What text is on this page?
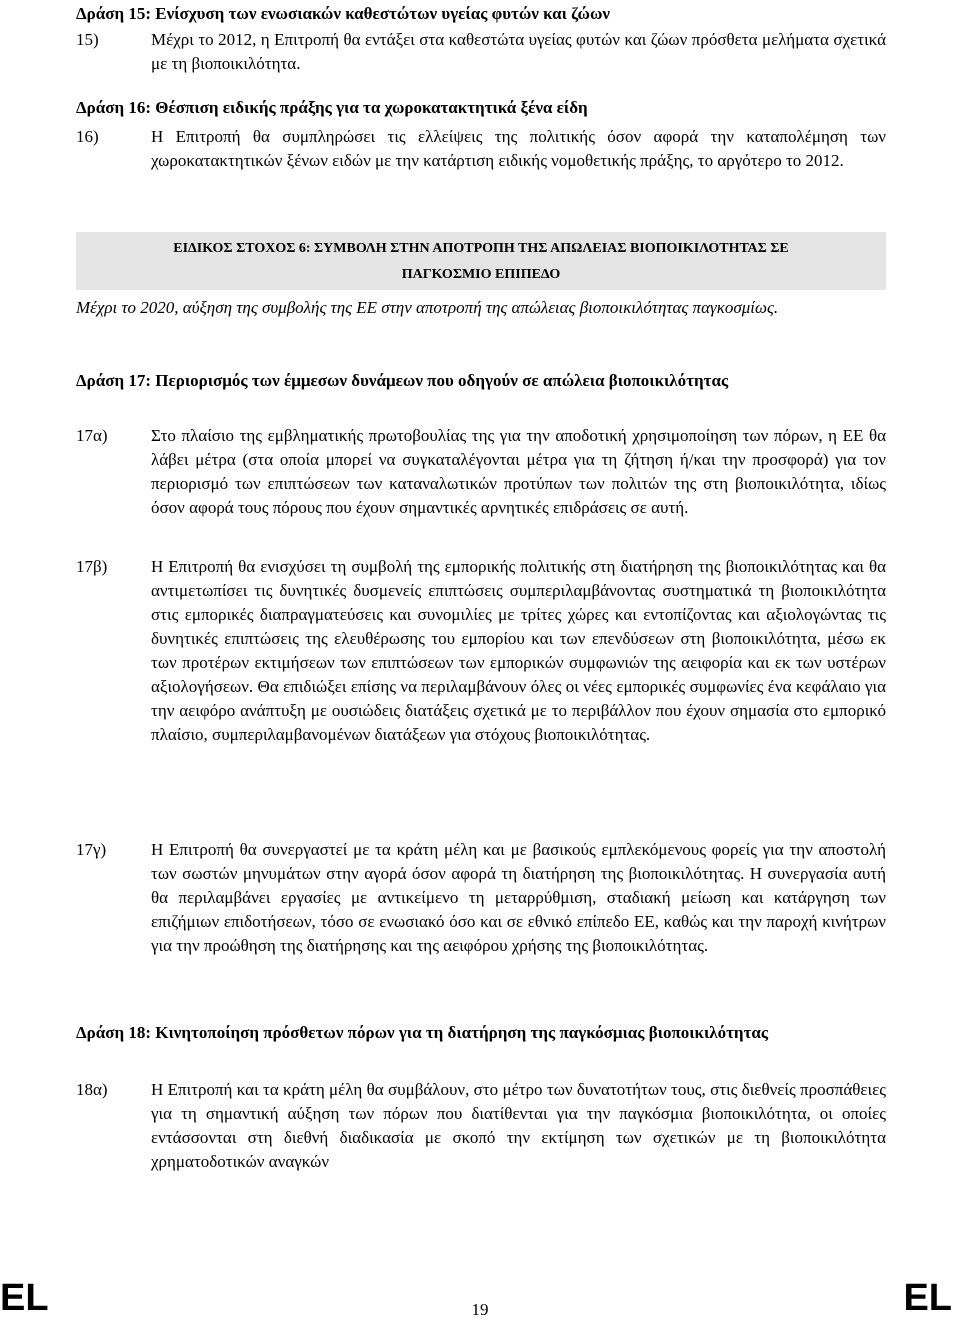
Δράση 15: Ενίσχυση των ενωσιακών καθεστώτων υγείας φυτών και ζώων

15)	Μέχρι το 2012, η Επιτροπή θα εντάξει στα καθεστώτα υγείας φυτών και ζώων πρόσθετα μελήματα σχετικά με τη βιοποικιλότητα.

Δράση 16: Θέσπιση ειδικής πράξης για τα χωροκατακτητικά ξένα είδη

16)	Η Επιτροπή θα συμπληρώσει τις ελλείψεις της πολιτικής όσον αφορά την καταπολέμηση των χωροκατακτητικών ξένων ειδών με την κατάρτιση ειδικής νομοθετικής πράξης, το αργότερο το 2012.
ΕΙΔΙΚΟΣ ΣΤΟΧΟΣ 6: ΣΥΜΒΟΛΗ ΣΤΗΝ ΑΠΟΤΡΟΠΗ ΤΗΣ ΑΠΩΛΕΙΑΣ ΒΙΟΠΟΙΚΙΛΟΤΗΤΑΣ ΣΕ
ΠΑΓΚΟΣΜΙΟ ΕΠΙΠΕΔΟ

Μέχρι το 2020, αύξηση της συμβολής της ΕΕ στην αποτροπή της απώλειας βιοποικιλότητας παγκοσμίως.

Δράση 17: Περιορισμός των έμμεσων δυνάμεων που οδηγούν σε απώλεια βιοποικιλότητας

17α)	Στο πλαίσιο της εμβληματικής πρωτοβουλίας της για την αποδοτική χρησιμοποίηση των πόρων, η ΕΕ θα λάβει μέτρα (στα οποία μπορεί να συγκαταλέγονται μέτρα για τη ζήτηση ή/και την προσφορά) για τον περιορισμό των επιπτώσεων των καταναλωτικών προτύπων των πολιτών της στη βιοποικιλότητα, ιδίως όσον αφορά τους πόρους που έχουν σημαντικές αρνητικές επιδράσεις σε αυτή.
17β)	Η Επιτροπή θα ενισχύσει τη συμβολή της εμπορικής πολιτικής στη διατήρηση της βιοποικιλότητας και θα αντιμετωπίσει τις δυνητικές δυσμενείς επιπτώσεις συμπεριλαμβάνοντας συστηματικά τη βιοποικιλότητα στις εμπορικές διαπραγματεύσεις και συνομιλίες με τρίτες χώρες και εντοπίζοντας και αξιολογώντας τις δυνητικές επιπτώσεις της ελευθέρωσης του εμπορίου και των επενδύσεων στη βιοποικιλότητα, μέσω εκ των προτέρων εκτιμήσεων των επιπτώσεων των εμπορικών συμφωνιών της αειφορία και εκ των υστέρων αξιολογήσεων. Θα επιδιώξει επίσης να περιλαμβάνουν όλες οι νέες εμπορικές συμφωνίες ένα κεφάλαιο για την αειφόρο ανάπτυξη με ουσιώδεις διατάξεις σχετικά με το περιβάλλον που έχουν σημασία στο εμπορικό πλαίσιο, συμπεριλαμβανομένων διατάξεων για στόχους βιοποικιλότητας.
17γ)	Η Επιτροπή θα συνεργαστεί με τα κράτη μέλη και με βασικούς εμπλεκόμενους φορείς για την αποστολή των σωστών μηνυμάτων στην αγορά όσον αφορά τη διατήρηση της βιοποικιλότητας. Η συνεργασία αυτή θα περιλαμβάνει εργασίες με αντικείμενο τη μεταρρύθμιση, σταδιακή μείωση και κατάργηση των επιζήμιων επιδοτήσεων, τόσο σε ενωσιακό όσο και σε εθνικό επίπεδο ΕΕ, καθώς και την παροχή κινήτρων για την προώθηση της διατήρησης και της αειφόρου χρήσης της βιοποικιλότητας.

Δράση 18: Κινητοποίηση πρόσθετων πόρων για τη διατήρηση της παγκόσμιας βιοποικιλότητας

18α)	Η Επιτροπή και τα κράτη μέλη θα συμβάλουν, στο μέτρο των δυνατοτήτων τους, στις διεθνείς προσπάθειες για τη σημαντική αύξηση των πόρων που διατίθενται για την παγκόσμια βιοποικιλότητα, οι οποίες εντάσσονται στη διεθνή διαδικασία με σκοπό την εκτίμηση των σχετικών με τη βιοποικιλότητα χρηματοδοτικών αναγκών
EL	19	EL
